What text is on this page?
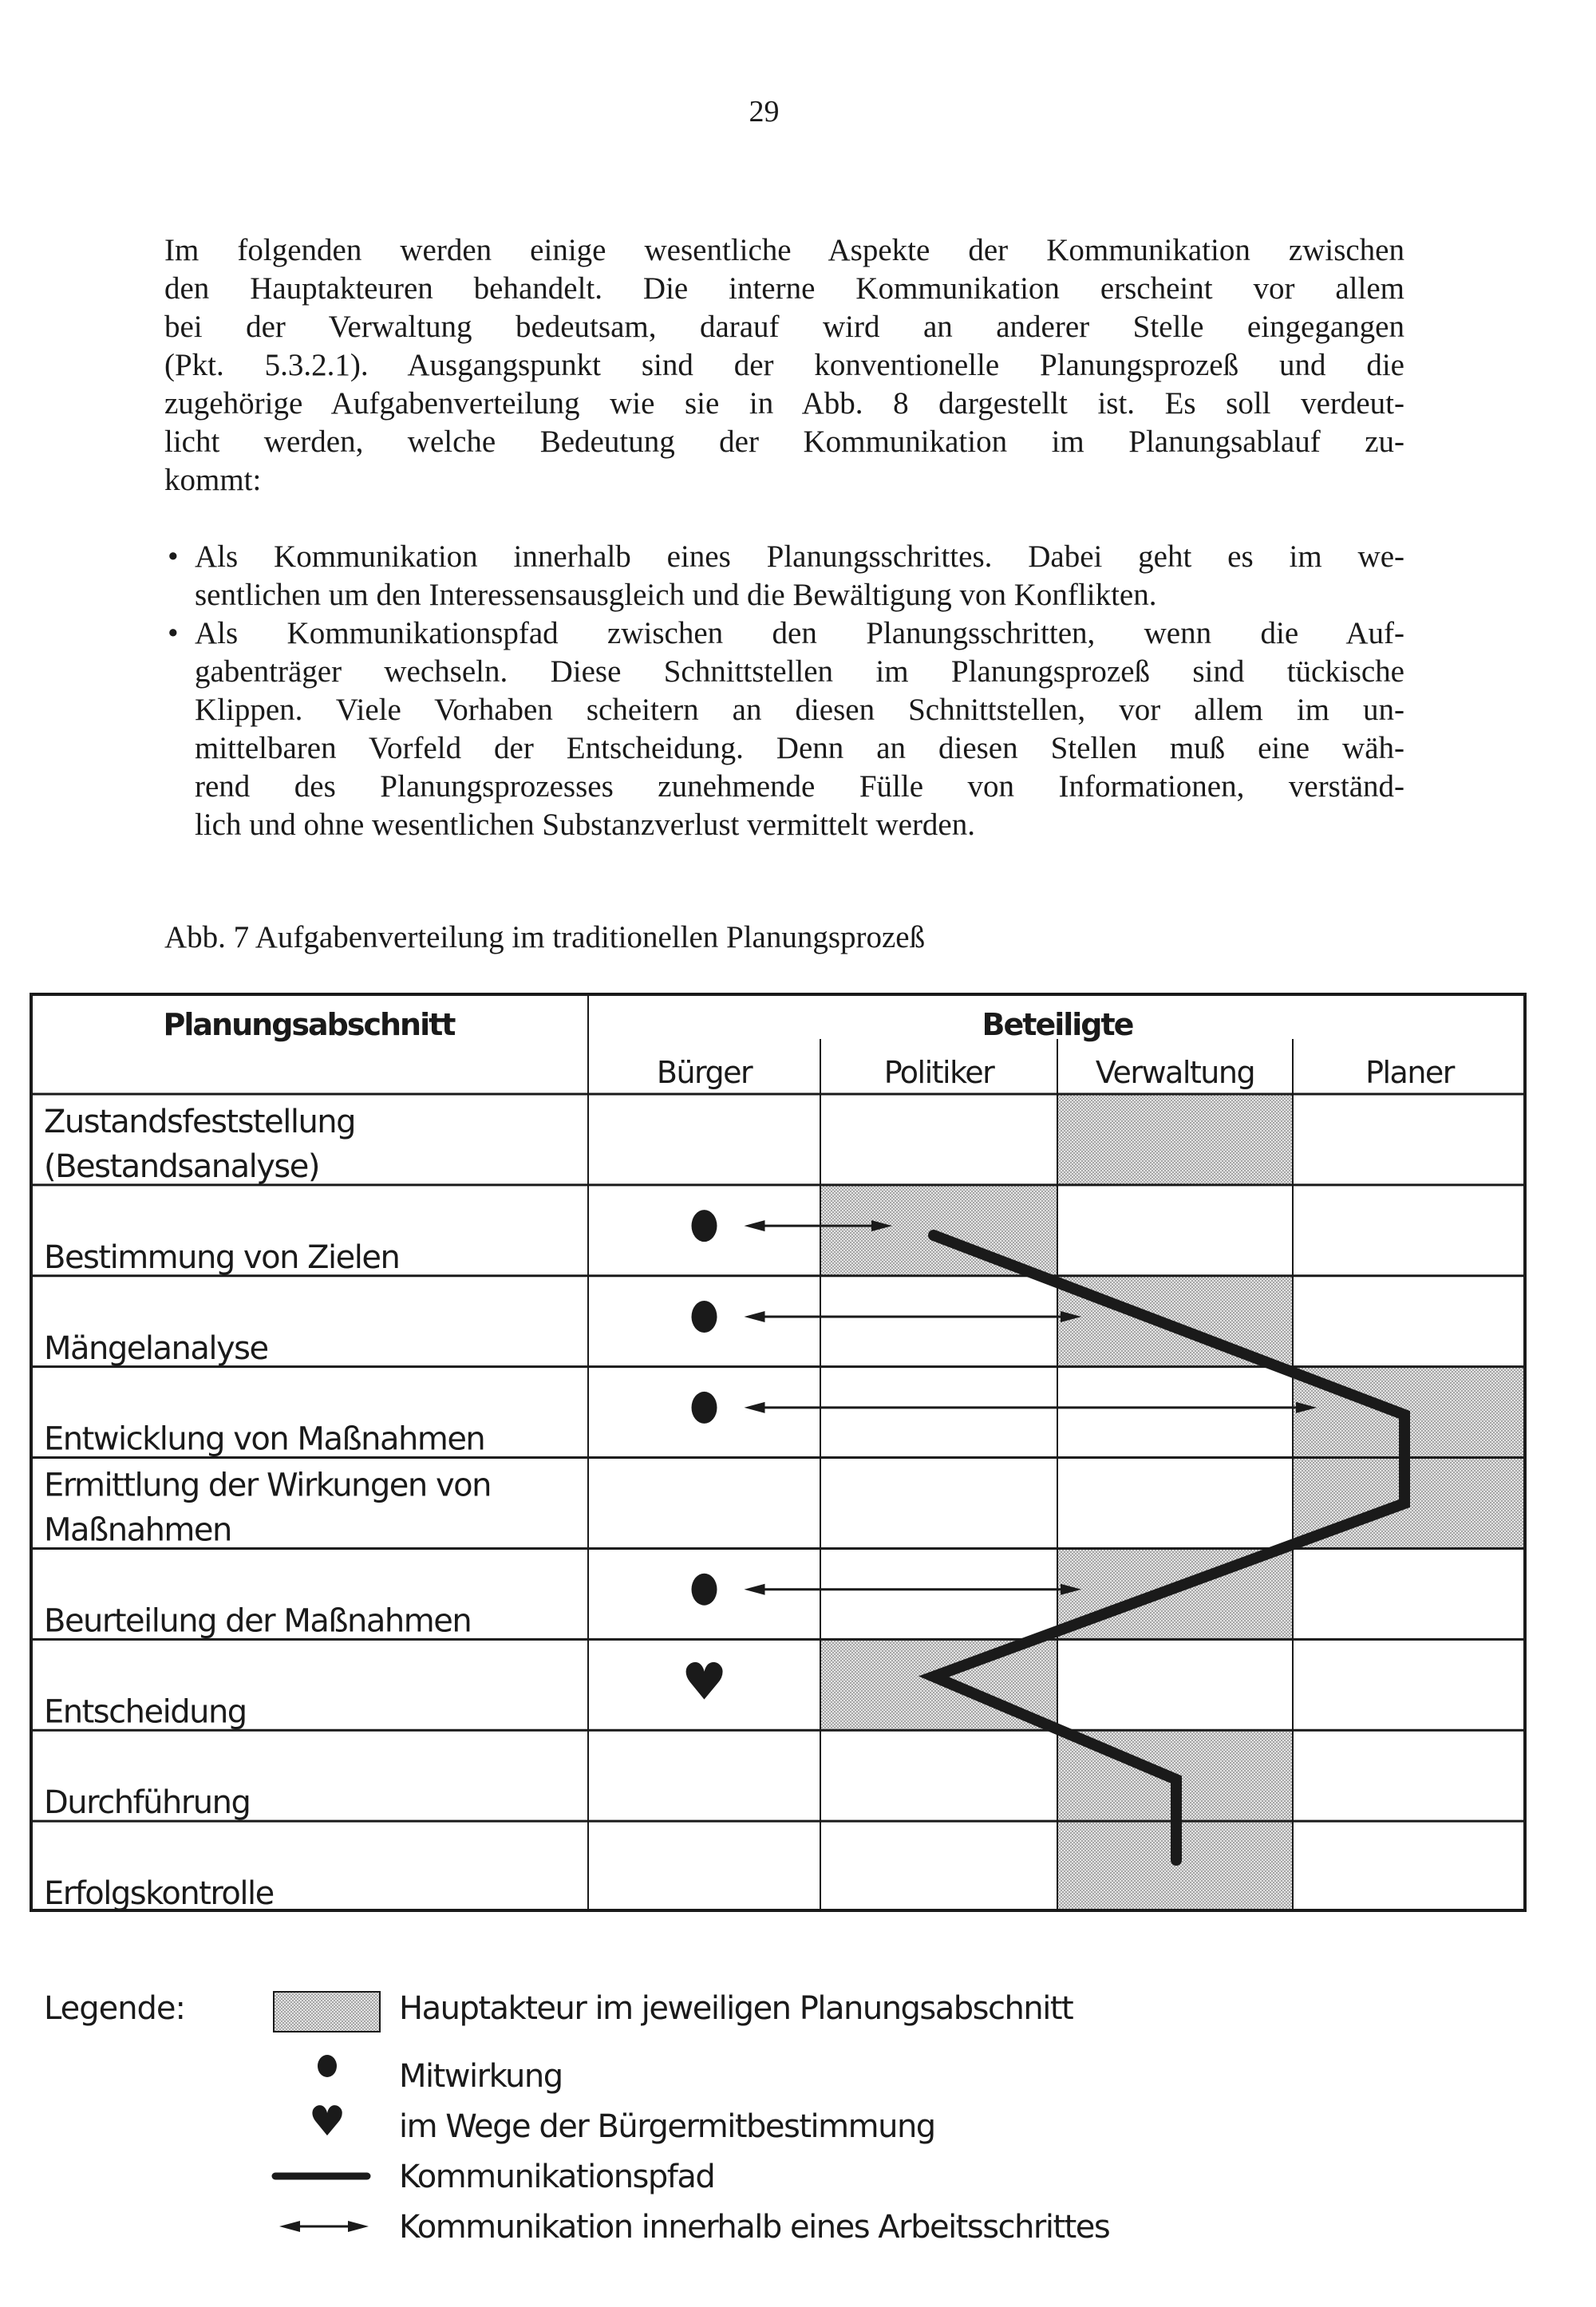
29
Im folgenden werden einige wesentliche Aspekte der Kommunikation zwischen
den Hauptakteuren behandelt. Die interne Kommunikation erscheint vor allem
bei der Verwaltung bedeutsam, darauf wird an anderer Stelle eingegangen
(Pkt. 5.3.2.1). Ausgangspunkt sind der konventionelle Planungsprozeß und die
zugehörige Aufgabenverteilung wie sie in Abb. 8 dargestellt ist. Es soll verdeut-
licht werden, welche Bedeutung der Kommunikation im Planungsablauf zu-
kommt:
• Als Kommunikation innerhalb eines Planungsschrittes. Dabei geht es im we-
sentlichen um den Interessensausgleich und die Bewältigung von Konflikten.
• Als Kommunikationspfad zwischen den Planungsschritten, wenn die Auf-
gabenträger wechseln. Diese Schnittstellen im Planungsprozeß sind tückische
Klippen. Viele Vorhaben scheitern an diesen Schnittstellen, vor allem im un-
mittelbaren Vorfeld der Entscheidung. Denn an diesen Stellen muß eine wäh-
rend des Planungsprozesses zunehmende Fülle von Informationen, verständ-
lich und ohne wesentlichen Substanzverlust vermittelt werden.
Abb. 7 Aufgabenverteilung im traditionellen Planungsprozeß
Planungsabschnitt	Beteiligte
Bürger	Politiker	Verwaltung	Planer
Zustandsfeststellung
(Bestandsanalyse)
Bestimmung von Zielen
Mängelanalyse
Entwicklung von Maßnahmen
Ermittlung der Wirkungen von
Maßnahmen
Beurteilung der Maßnahmen
Entscheidung	♥
Durchführung
Erfolgskontrolle
Legende:	Hauptakteur im jeweiligen Planungsabschnitt
Mitwirkung
♥ im Wege der Bürgermitbestimmung
Kommunikationspfad
Kommunikation innerhalb eines Arbeitsschrittes
